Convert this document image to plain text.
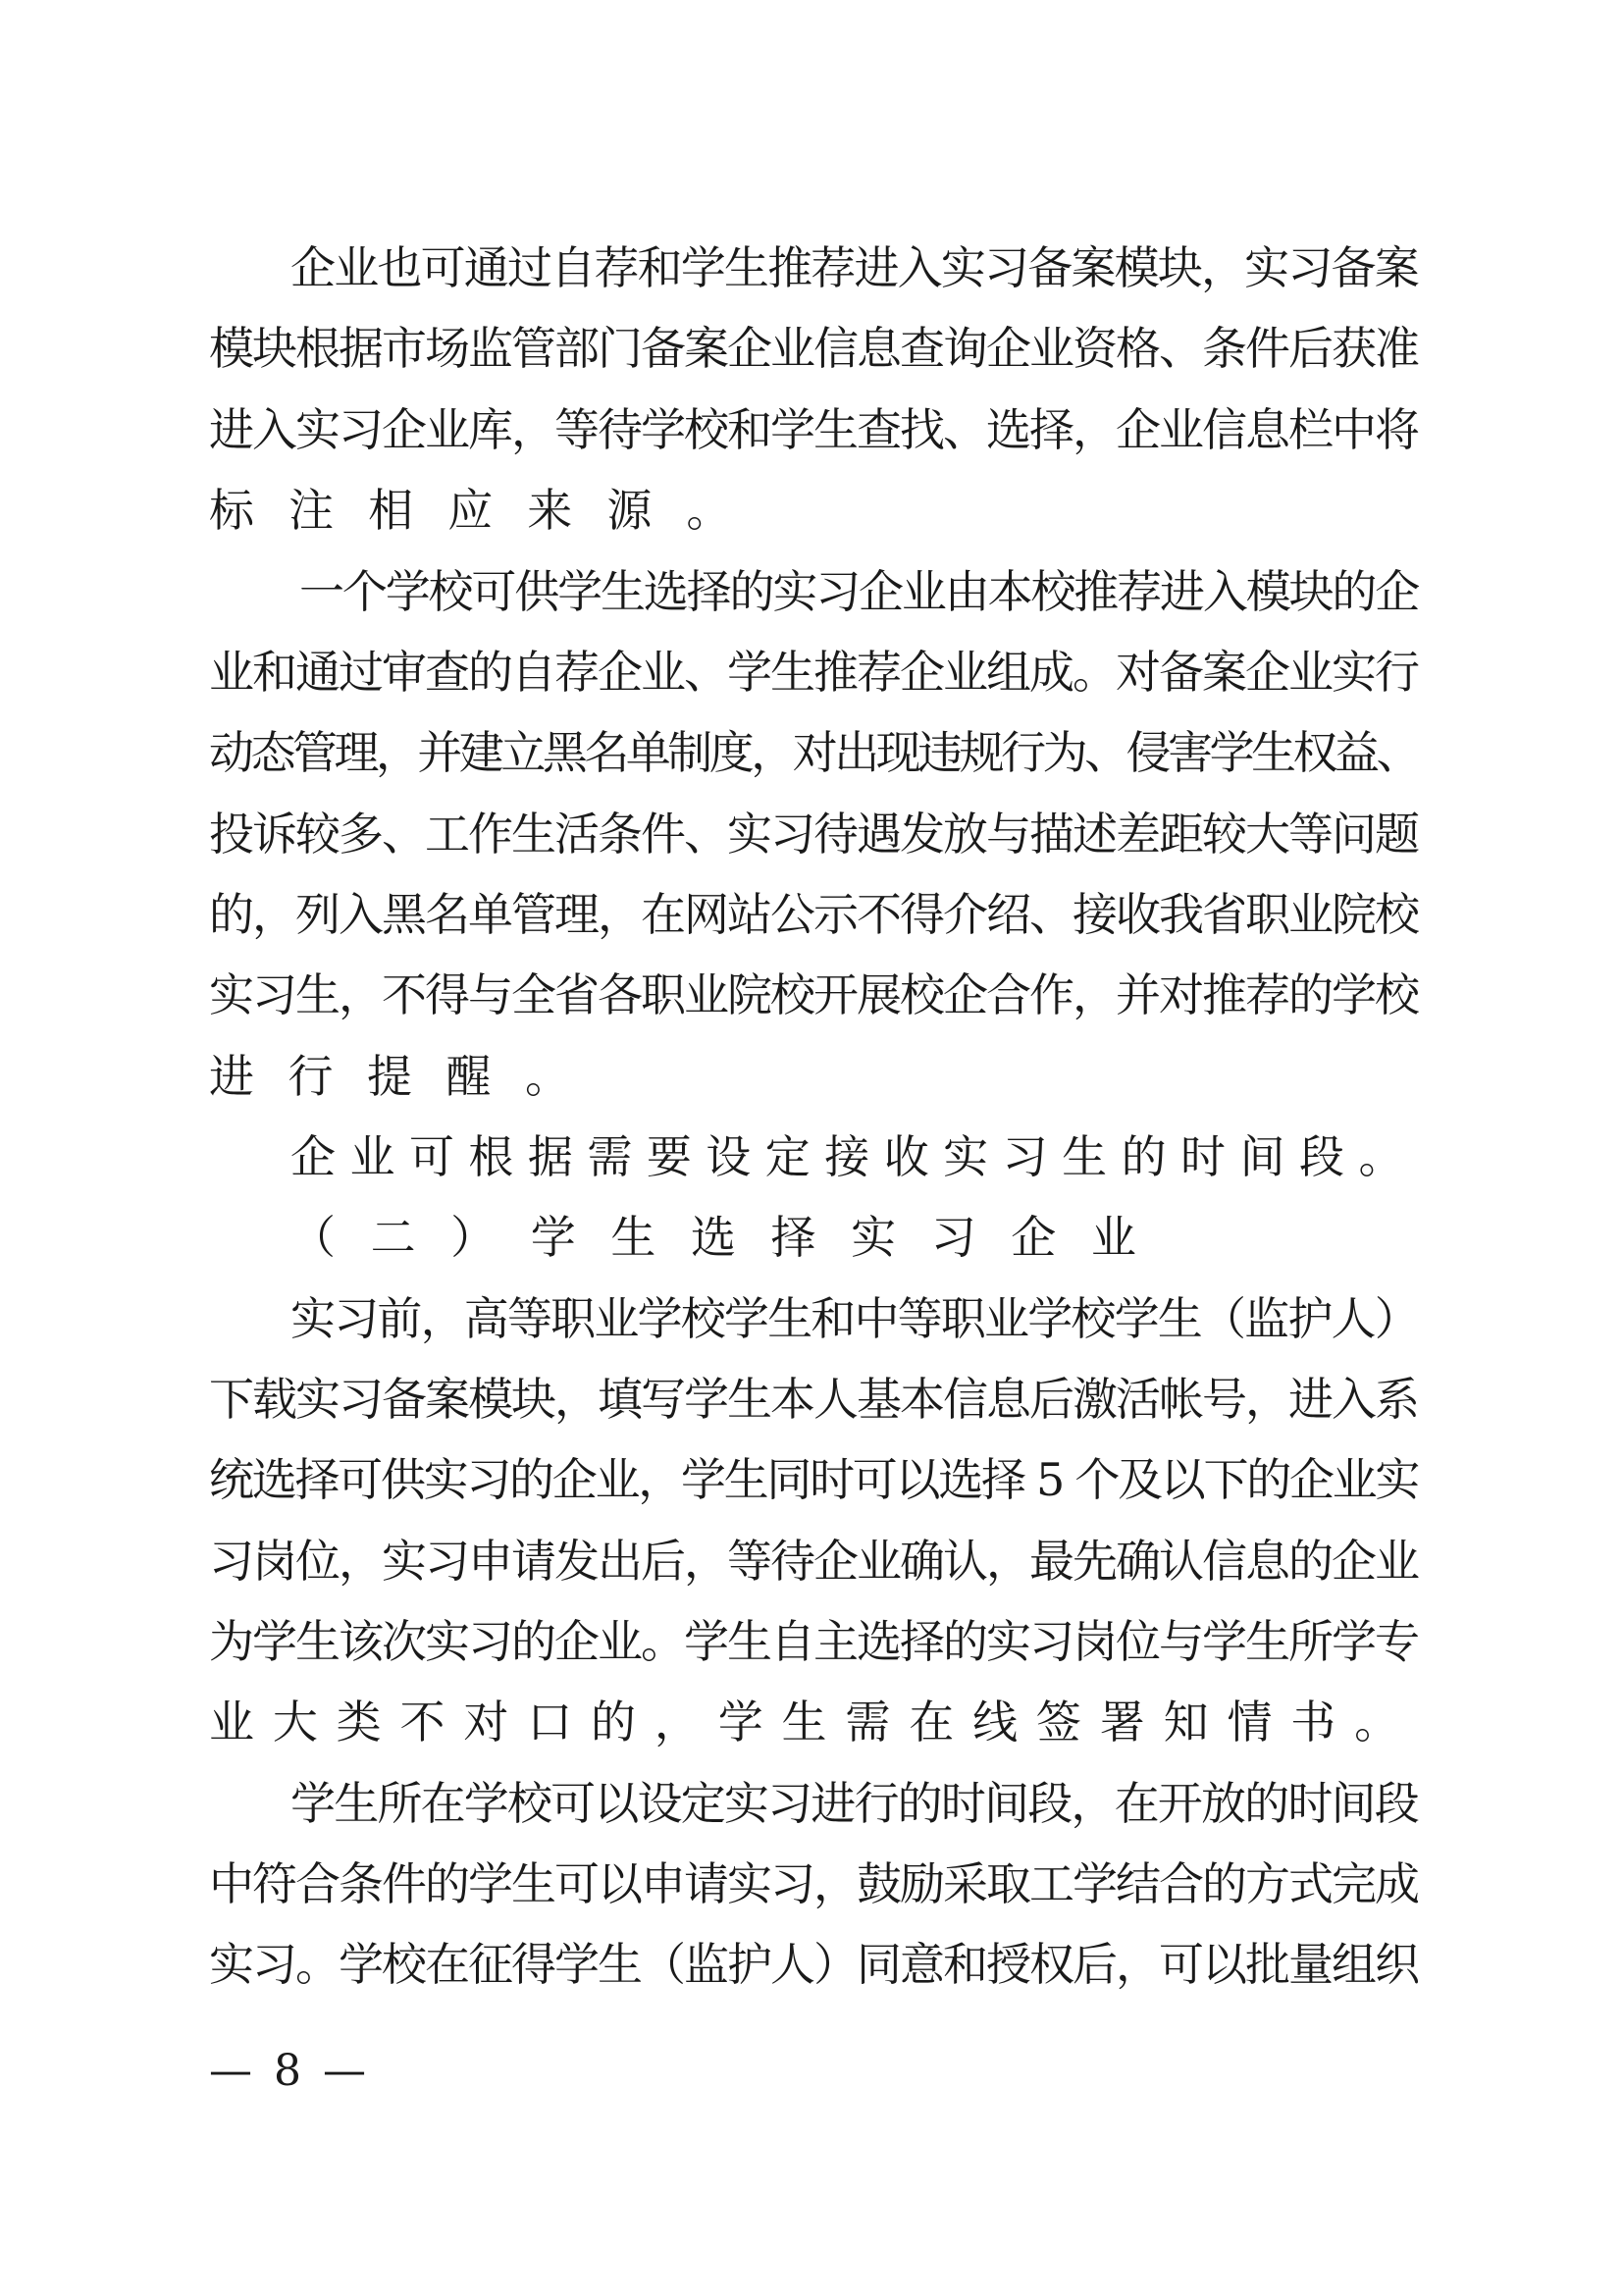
企业也可通过自荐和学生推荐进入实习备案模块，实习备案
模块根据市场监管部门备案企业信息查询企业资格、条件后获准
进入实习企业库，等待学校和学生查找、选择，企业信息栏中将
标注相应来源。
一个学校可供学生选择的实习企业由本校推荐进入模块的企
业和通过审查的自荐企业、学生推荐企业组成。对备案企业实行
动态管理，并建立黑名单制度，对出现违规行为、侵害学生权益、
投诉较多、工作生活条件、实习待遇发放与描述差距较大等问题
的，列入黑名单管理，在网站公示不得介绍、接收我省职业院校
实习生，不得与全省各职业院校开展校企合作，并对推荐的学校
进行提醒。
企业可根据需要设定接收实习生的时间段。
（二）学生选择实习企业
实习前，高等职业学校学生和中等职业学校学生（监护人）
下载实习备案模块，填写学生本人基本信息后激活帐号，进入系
统选择可供实习的企业，学生同时可以选择 5 个及以下的企业实
习岗位，实习申请发出后，等待企业确认，最先确认信息的企业
为学生该次实习的企业。学生自主选择的实习岗位与学生所学专
业大类不对口的，学生需在线签署知情书。
学生所在学校可以设定实习进行的时间段，在开放的时间段
中符合条件的学生可以申请实习，鼓励采取工学结合的方式完成
实习。学校在征得学生（监护人）同意和授权后，可以批量组织
— 8 —
